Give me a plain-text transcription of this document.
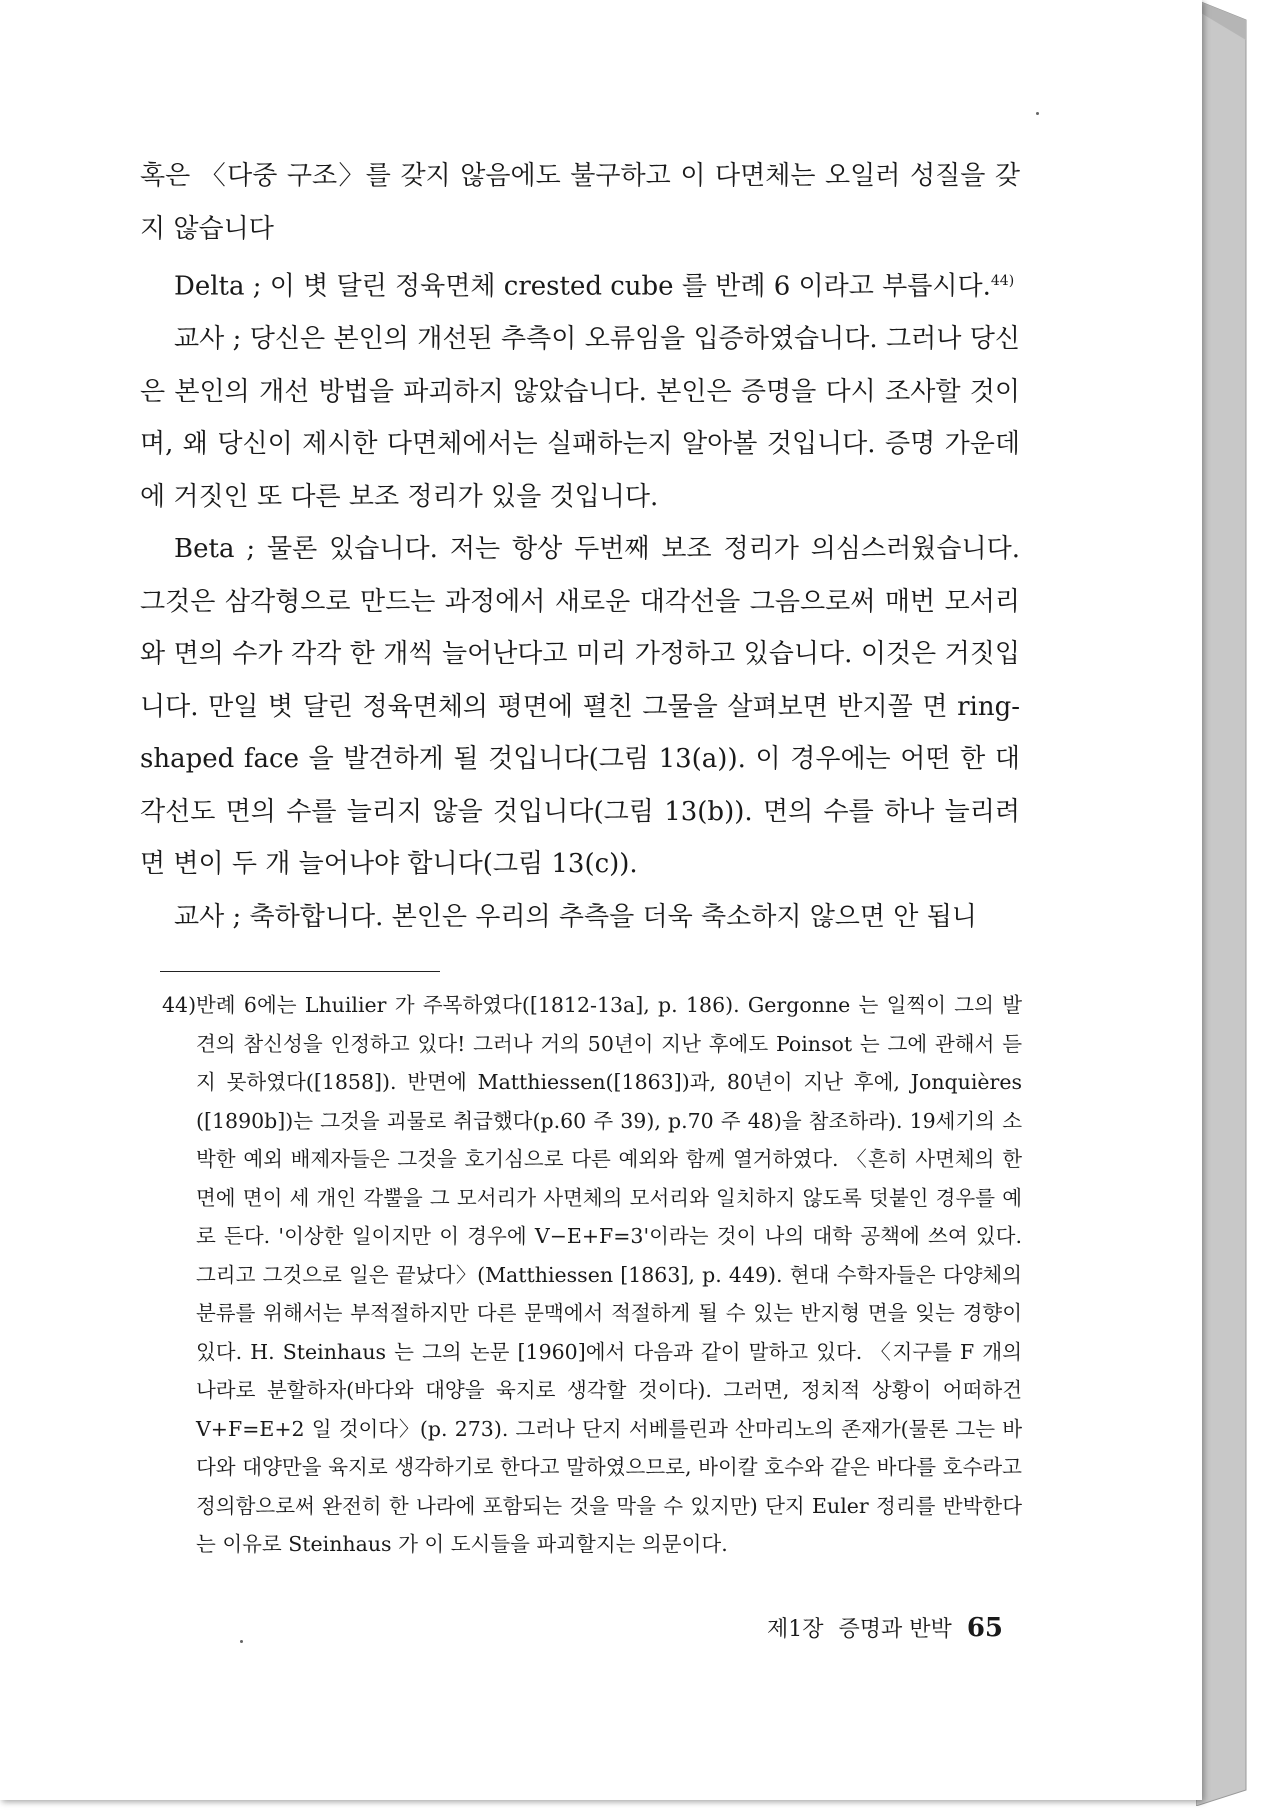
혹은 〈다중 구조〉를 갖지 않음에도 불구하고 이 다면체는 오일러 성질을 갖지 않습니다

Delta ; 이 볏 달린 정육면체 crested cube 를 반례 6 이라고 부릅시다.$^{44)}$

교사 ; 당신은 본인의 개선된 추측이 오류임을 입증하였습니다. 그러나 당신은 본인의 개선 방법을 파괴하지 않았습니다. 본인은 증명을 다시 조사할 것이며, 왜 당신이 제시한 다면체에서는 실패하는지 알아볼 것입니다. 증명 가운데에 거짓인 또 다른 보조 정리가 있을 것입니다.

Beta ; 물론 있습니다. 저는 항상 두번째 보조 정리가 의심스러웠습니다. 그것은 삼각형으로 만드는 과정에서 새로운 대각선을 그음으로써 매번 모서리와 면의 수가 각각 한 개씩 늘어난다고 미리 가정하고 있습니다. 이것은 거짓입니다. 만일 볏 달린 정육면체의 평면에 펼친 그물을 살펴보면 반지꼴 면 ring-shaped face 을 발견하게 될 것입니다(그림 13(a)). 이 경우에는 어떤 한 대각선도 면의 수를 늘리지 않을 것입니다(그림 13(b)). 면의 수를 하나 늘리려면 변이 두 개 늘어나야 합니다(그림 13(c)).

교사 ; 축하합니다. 본인은 우리의 추측을 더욱 축소하지 않으면 안 됩니

44)반례 6에는 Lhuilier 가 주목하였다([1812-13a], p. 186). Gergonne 는 일찍이 그의 발견의 참신성을 인정하고 있다! 그러나 거의 50년이 지난 후에도 Poinsot 는 그에 관해서 듣지 못하였다([1858]). 반면에 Matthiessen([1863])과, 80년이 지난 후에, Jonquières ([1890b])는 그것을 괴물로 취급했다(p.60 주 39), p.70 주 48)을 참조하라). 19세기의 소박한 예외 배제자들은 그것을 호기심으로 다른 예외와 함께 열거하였다. 〈흔히 사면체의 한 면에 면이 세 개인 각뿔을 그 모서리가 사면체의 모서리와 일치하지 않도록 덧붙인 경우를 예로 든다. '이상한 일이지만 이 경우에 V−E+F=3'이라는 것이 나의 대학 공책에 쓰여 있다. 그리고 그것으로 일은 끝났다〉(Matthiessen [1863], p. 449). 현대 수학자들은 다양체의 분류를 위해서는 부적절하지만 다른 문맥에서 적절하게 될 수 있는 반지형 면을 잊는 경향이 있다. H. Steinhaus 는 그의 논문 [1960]에서 다음과 같이 말하고 있다. 〈지구를 F 개의 나라로 분할하자(바다와 대양을 육지로 생각할 것이다). 그러면, 정치적 상황이 어떠하건 V+F=E+2 일 것이다〉(p. 273). 그러나 단지 서베를린과 산마리노의 존재가(물론 그는 바다와 대양만을 육지로 생각하기로 한다고 말하였으므로, 바이칼 호수와 같은 바다를 호수라고 정의함으로써 완전히 한 나라에 포함되는 것을 막을 수 있지만) 단지 Euler 정리를 반박한다는 이유로 Steinhaus 가 이 도시들을 파괴할지는 의문이다.

제1장 증명과 반박 65
